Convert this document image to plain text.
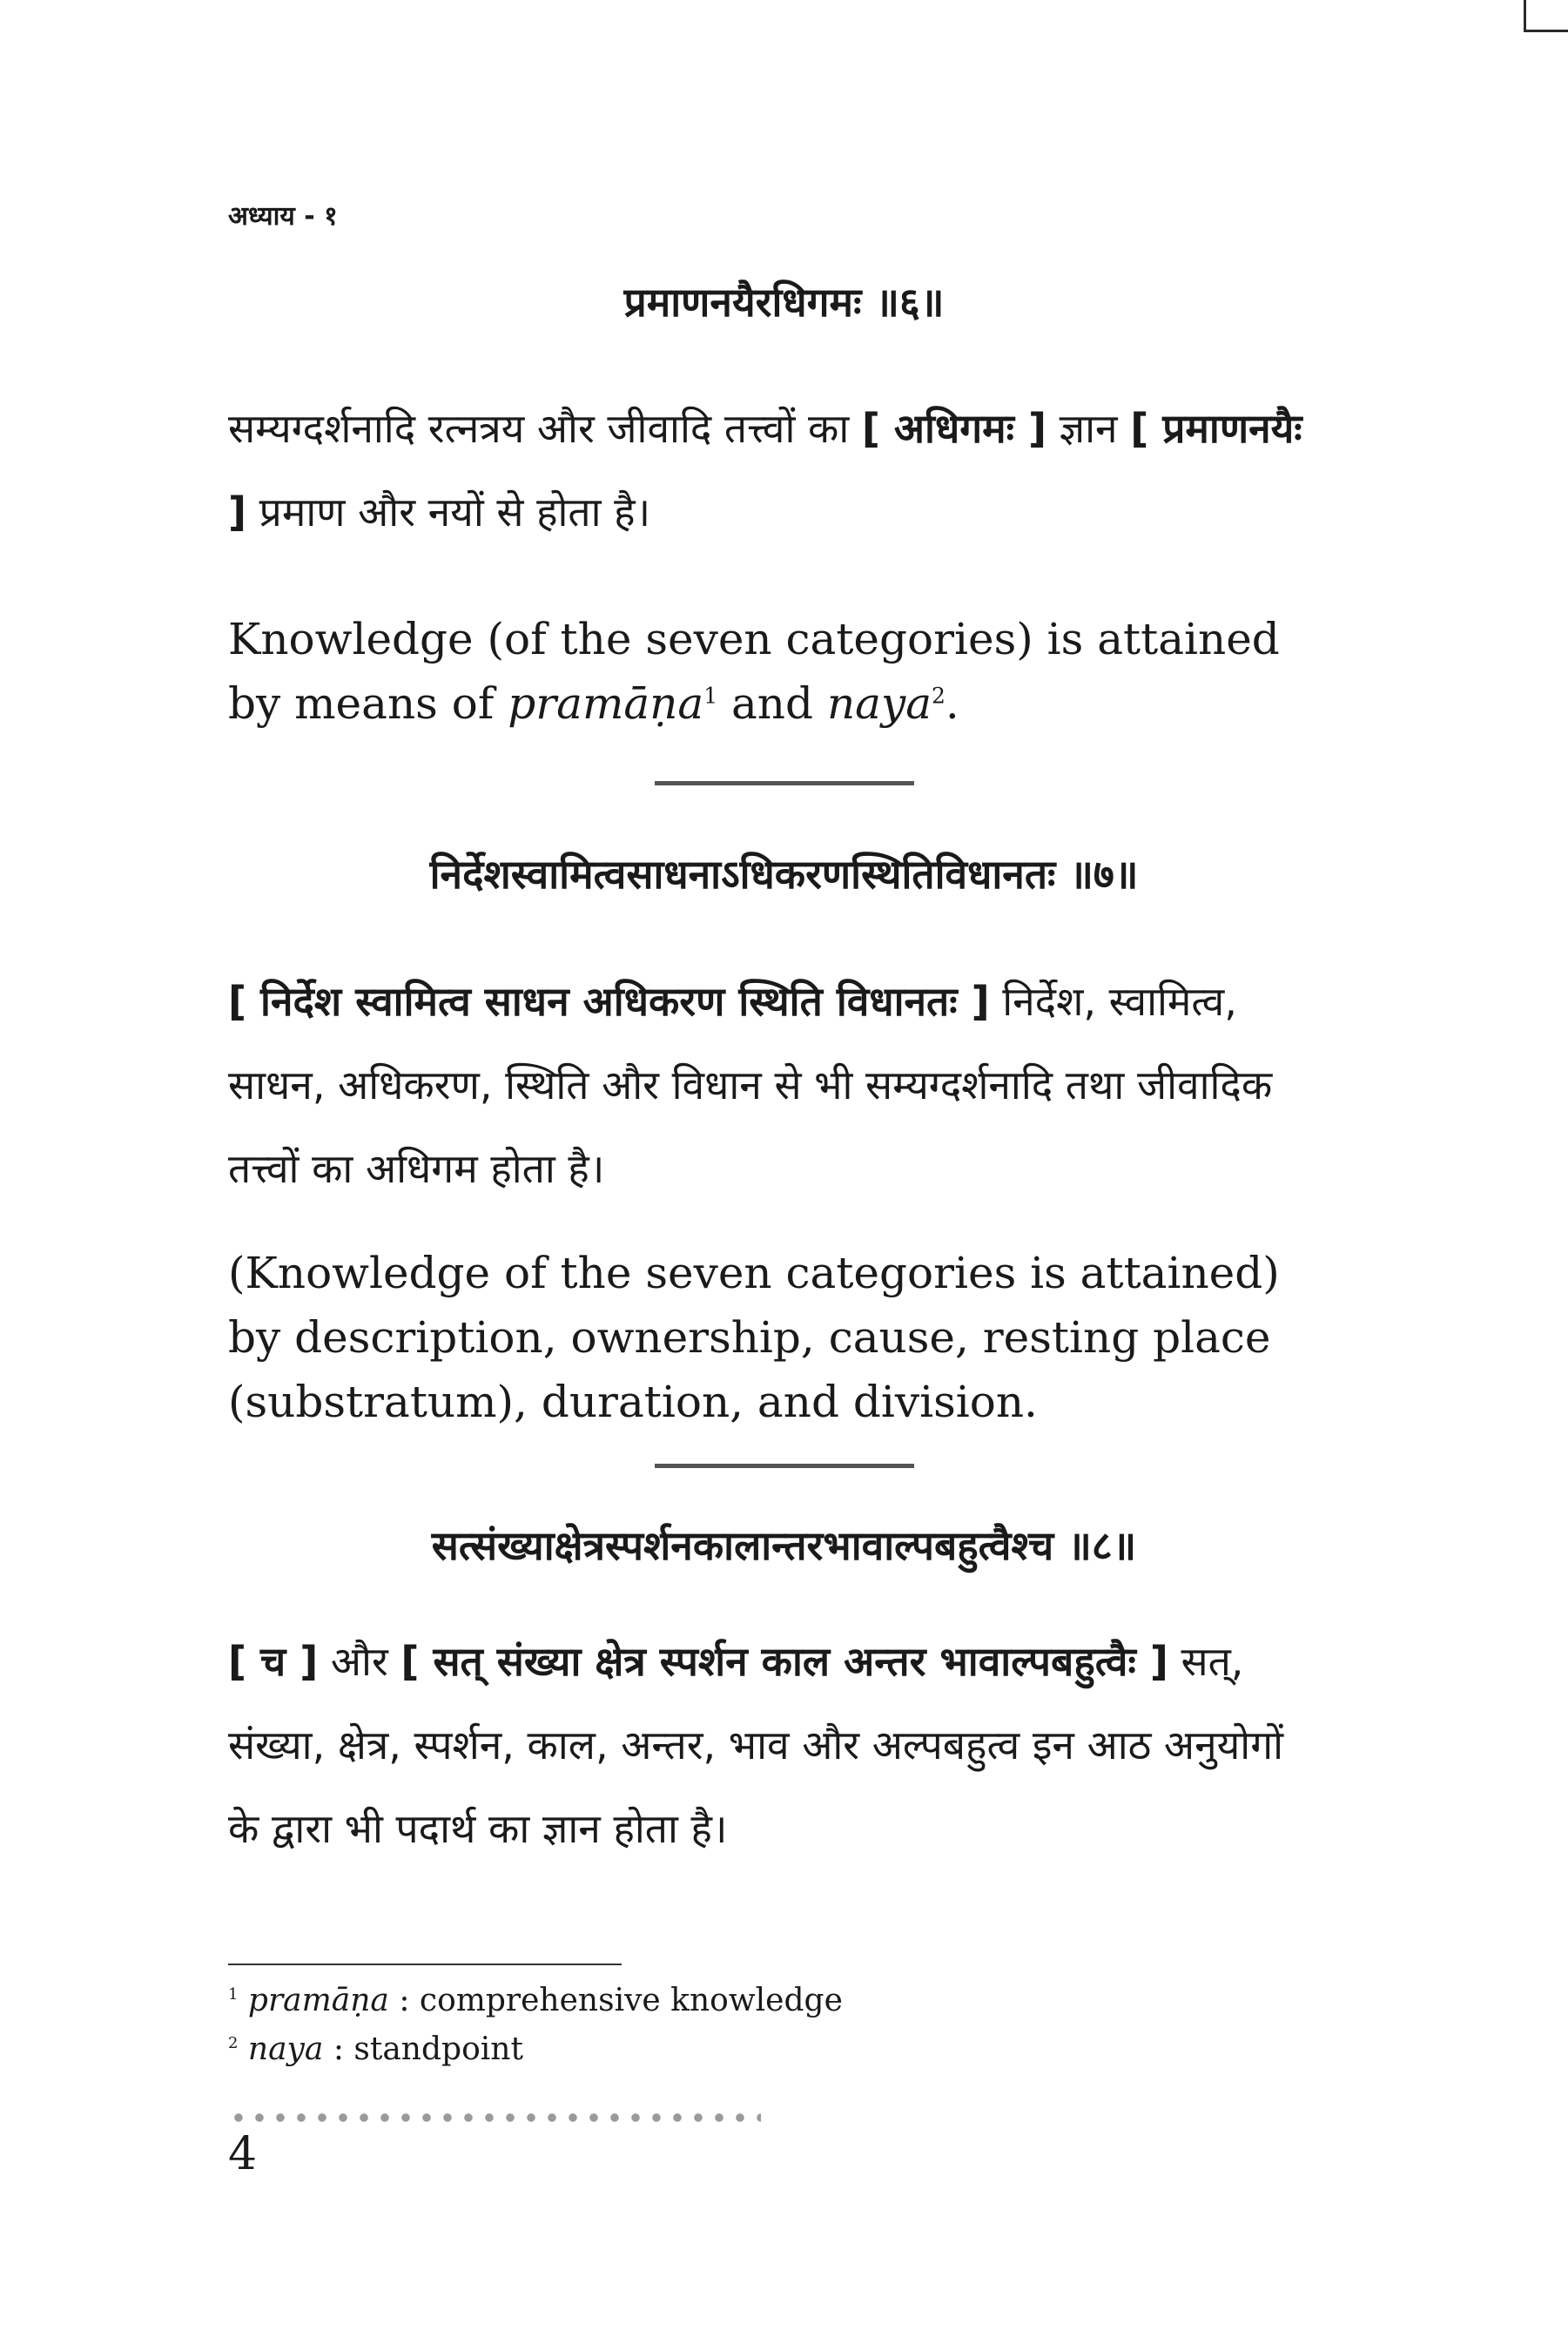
अध्याय - १
प्रमाणनयैरधिगमः ॥६॥
सम्यग्दर्शनादि रत्नत्रय और जीवादि तत्त्वों का [ अधिगमः ] ज्ञान [ प्रमाणनयैः ] प्रमाण और नयों से होता है।
Knowledge (of the seven categories) is attained by means of pramāṇa$^1$ and naya$^2$.
निर्देशस्वामित्वसाधनाऽधिकरणस्थितिविधानतः ॥७॥
[ निर्देश स्वामित्व साधन अधिकरण स्थिति विधानतः ] निर्देश, स्वामित्व, साधन, अधिकरण, स्थिति और विधान से भी सम्यग्दर्शनादि तथा जीवादिक तत्त्वों का अधिगम होता है।
(Knowledge of the seven categories is attained) by description, ownership, cause, resting place (substratum), duration, and division.
सत्संख्याक्षेत्रस्पर्शनकालान्तरभावाल्पबहुत्वैश्च ॥८॥
[ च ] और [ सत् संख्या क्षेत्र स्पर्शन काल अन्तर भावाल्पबहुत्वैः ] सत्, संख्या, क्षेत्र, स्पर्शन, काल, अन्तर, भाव और अल्पबहुत्व इन आठ अनुयोगों के द्वारा भी पदार्थ का ज्ञान होता है।
$^1$ pramāṇa : comprehensive knowledge
$^2$ naya : standpoint
4
